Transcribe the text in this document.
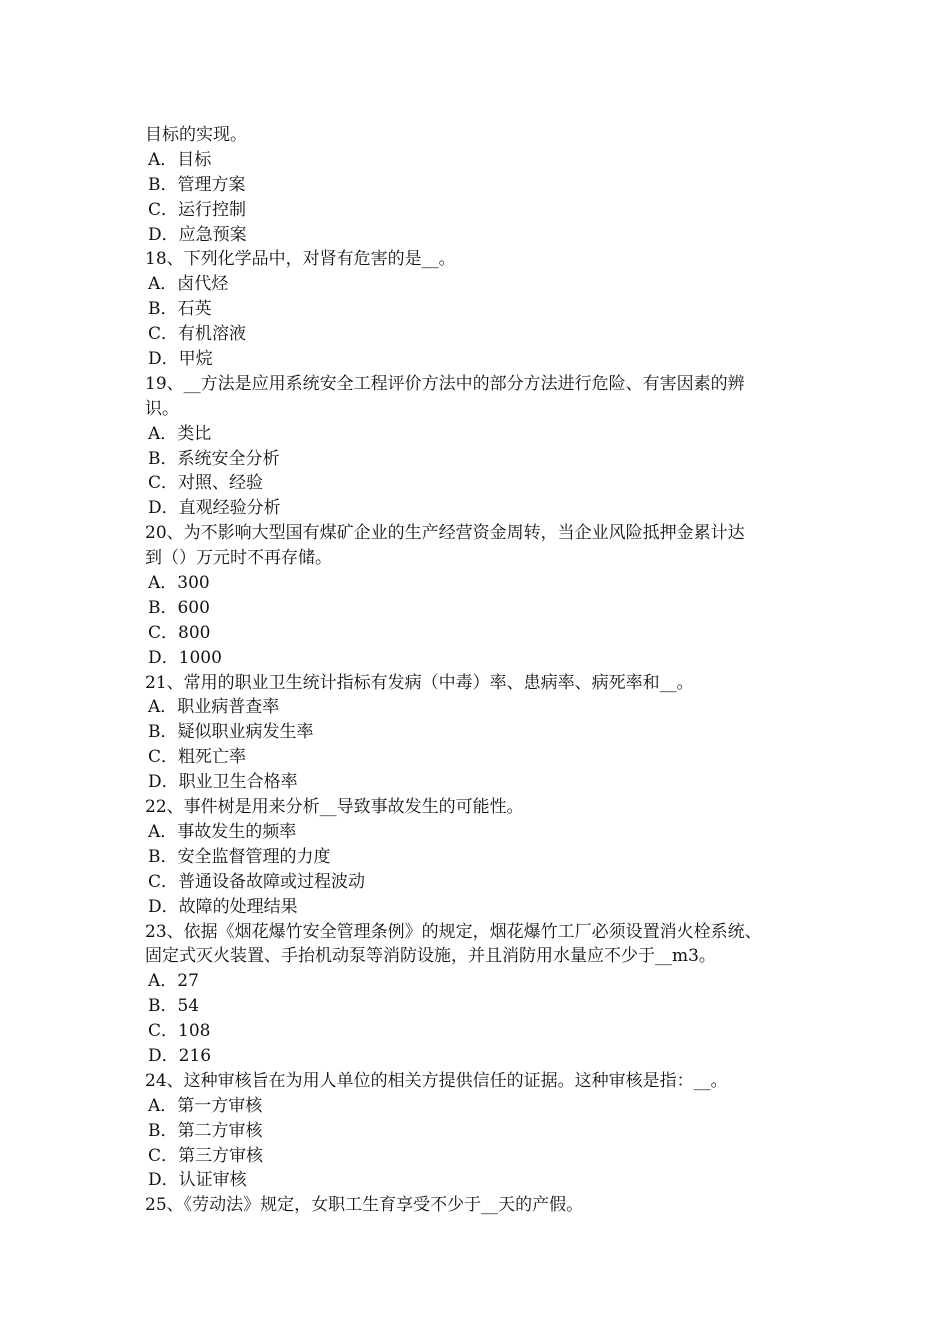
目标的实现。
A．目标
B．管理方案
C．运行控制
D．应急预案
18、下列化学品中，对肾有危害的是__。
A．卤代烃
B．石英
C．有机溶液
D．甲烷
19、__方法是应用系统安全工程评价方法中的部分方法进行危险、有害因素的辨
识。
A．类比
B．系统安全分析
C．对照、经验
D．直观经验分析
20、为不影响大型国有煤矿企业的生产经营资金周转，当企业风险抵押金累计达
到（）万元时不再存储。
A．300
B．600
C．800
D．1000
21、常用的职业卫生统计指标有发病（中毒）率、患病率、病死率和__。
A．职业病普查率
B．疑似职业病发生率
C．粗死亡率
D．职业卫生合格率
22、事件树是用来分析__导致事故发生的可能性。
A．事故发生的频率
B．安全监督管理的力度
C．普通设备故障或过程波动
D．故障的处理结果
23、依据《烟花爆竹安全管理条例》的规定，烟花爆竹工厂必须设置消火栓系统、
固定式灭火装置、手抬机动泵等消防设施，并且消防用水量应不少于__m3。
A．27
B．54
C．108
D．216
24、这种审核旨在为用人单位的相关方提供信任的证据。这种审核是指：__。
A．第一方审核
B．第二方审核
C．第三方审核
D．认证审核
25、《劳动法》规定，女职工生育享受不少于__天的产假。
